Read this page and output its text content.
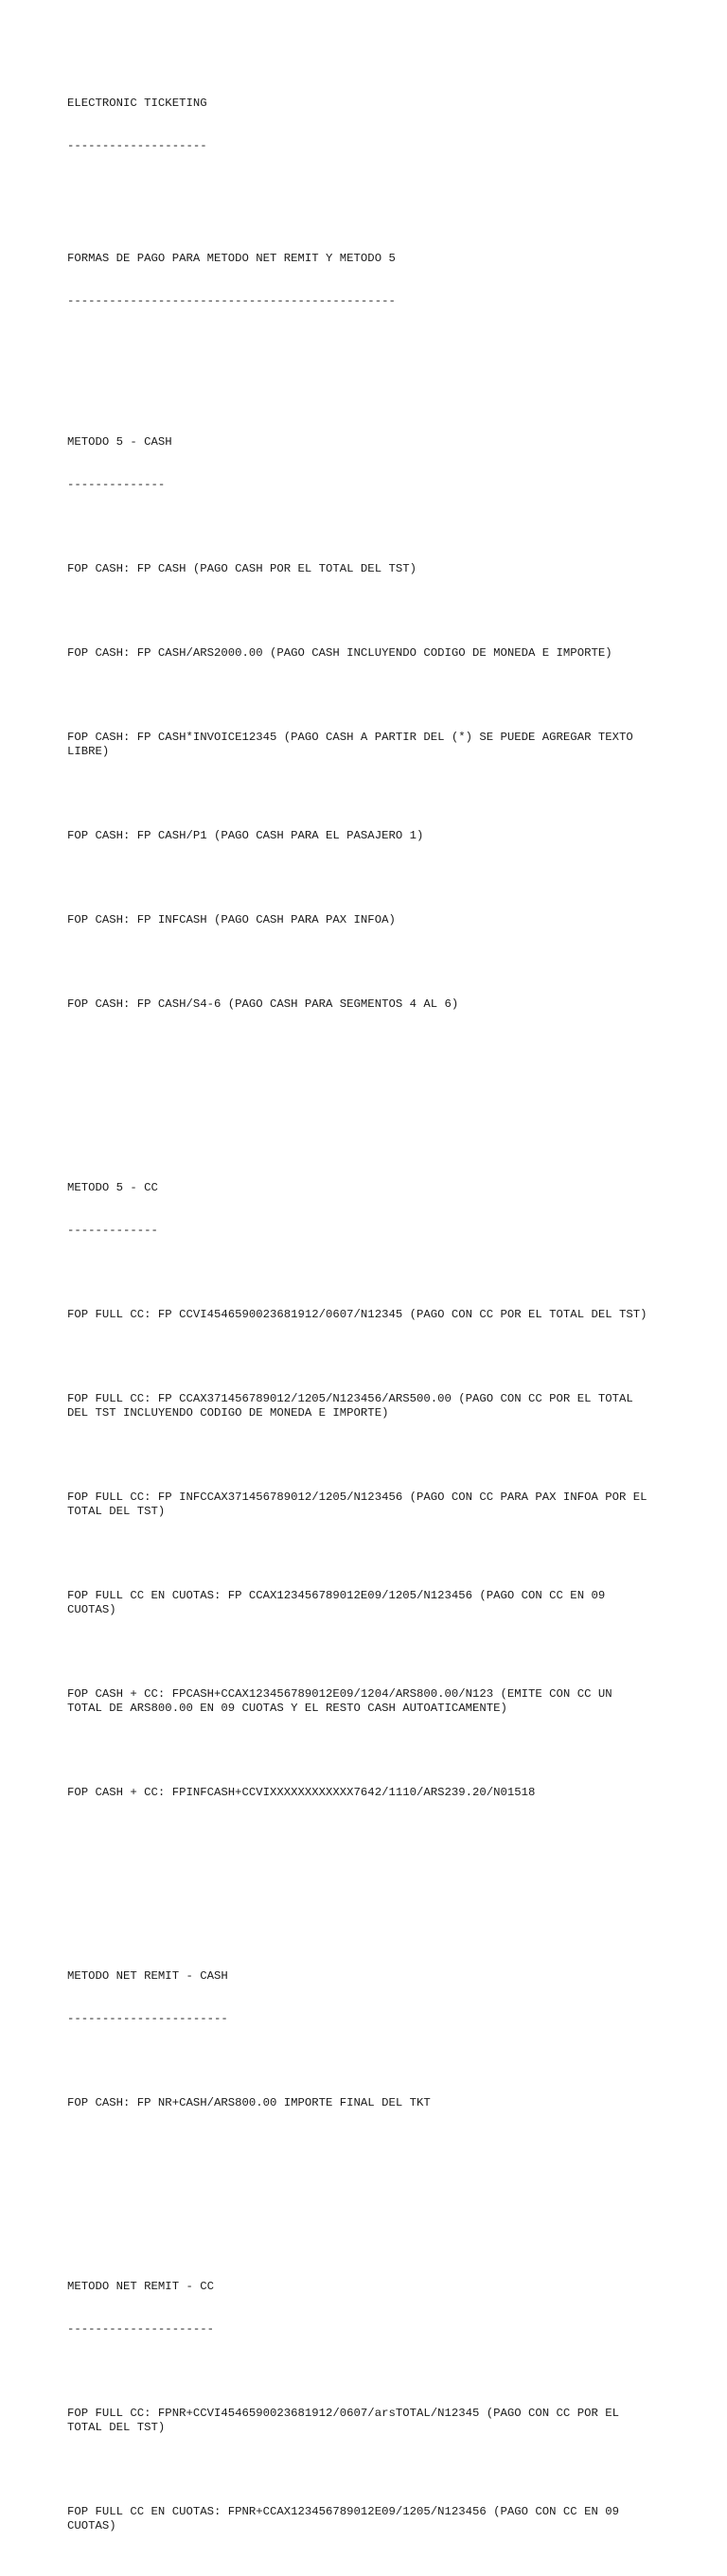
ELECTRONIC TICKETING

--------------------

FORMAS DE PAGO PARA METODO NET REMIT Y METODO 5

-----------------------------------------------

METODO 5 - CASH

--------------

FOP CASH: FP CASH (PAGO CASH POR EL TOTAL DEL TST)

FOP CASH: FP CASH/ARS2000.00 (PAGO CASH INCLUYENDO CODIGO DE MONEDA E IMPORTE)

FOP CASH: FP CASH*INVOICE12345 (PAGO CASH A PARTIR DEL (*) SE PUEDE AGREGAR TEXTO
LIBRE)

FOP CASH: FP CASH/P1 (PAGO CASH PARA EL PASAJERO 1)

FOP CASH: FP INFCASH (PAGO CASH PARA PAX INFOA)

FOP CASH: FP CASH/S4-6 (PAGO CASH PARA SEGMENTOS 4 AL 6)

METODO 5 - CC

-------------

FOP FULL CC: FP CCVI4546590023681912/0607/N12345 (PAGO CON CC POR EL TOTAL DEL TST)

FOP FULL CC: FP CCAX371456789012/1205/N123456/ARS500.00 (PAGO CON CC POR EL TOTAL
DEL TST INCLUYENDO CODIGO DE MONEDA E IMPORTE)

FOP FULL CC: FP INFCCAX371456789012/1205/N123456 (PAGO CON CC PARA PAX INFOA POR EL
TOTAL DEL TST)

FOP FULL CC EN CUOTAS: FP CCAX123456789012E09/1205/N123456 (PAGO CON CC EN 09
CUOTAS)

FOP CASH + CC: FPCASH+CCAX123456789012E09/1204/ARS800.00/N123 (EMITE CON CC UN
TOTAL DE ARS800.00 EN 09 CUOTAS Y EL RESTO CASH AUTOATICAMENTE)

FOP CASH + CC: FPINFCASH+CCVIXXXXXXXXXXXX7642/1110/ARS239.20/N01518

METODO NET REMIT - CASH

-----------------------

FOP CASH: FP NR+CASH/ARS800.00 IMPORTE FINAL DEL TKT

METODO NET REMIT - CC

---------------------

FOP FULL CC: FPNR+CCVI4546590023681912/0607/arsTOTAL/N12345 (PAGO CON CC POR EL
TOTAL DEL TST)

FOP FULL CC EN CUOTAS: FPNR+CCAX123456789012E09/1205/N123456 (PAGO CON CC EN 09
CUOTAS)
